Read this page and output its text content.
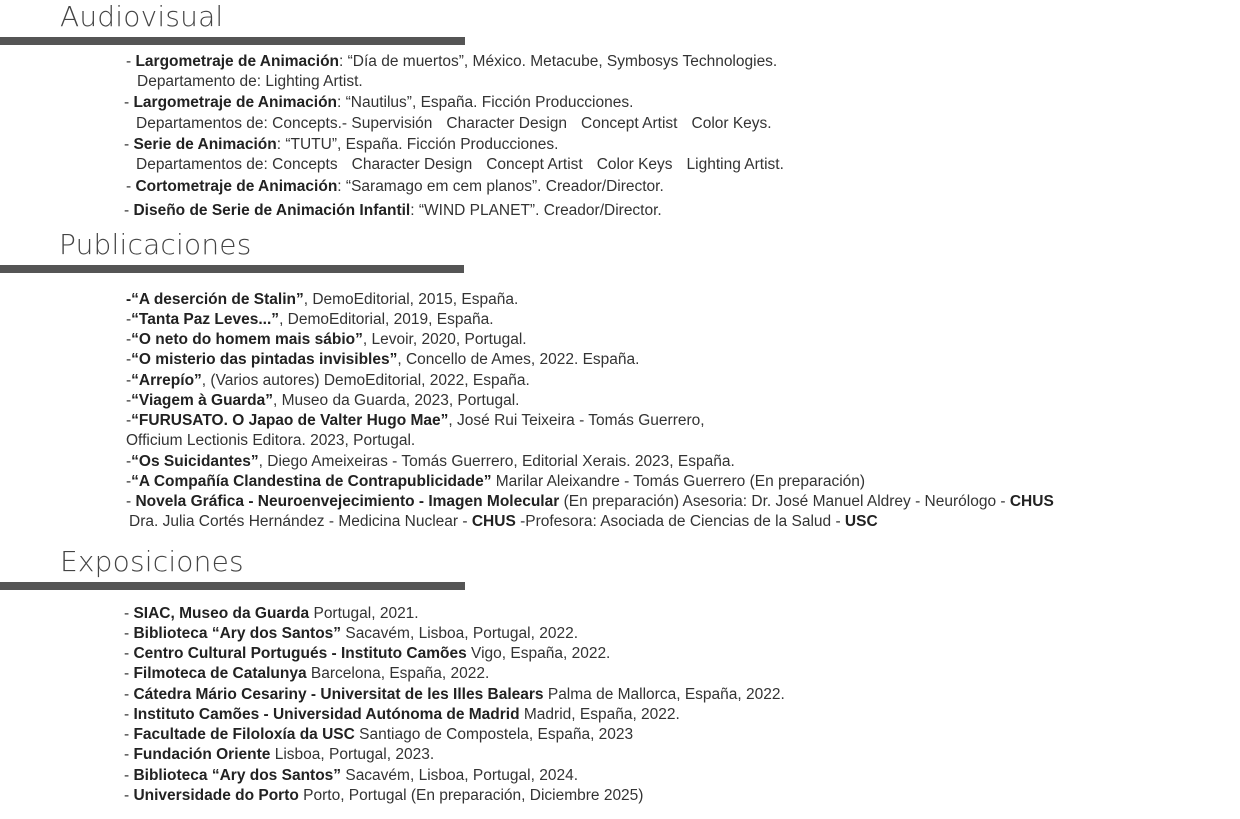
Audiovisual
- Largometraje de Animación: “Día de muertos”, México. Metacube, Symbosys Technologies.
Departamento de: Lighting Artist.
- Largometraje de Animación: “Nautilus”, España. Ficción Producciones.
Departamentos de: Concepts.- Supervisión Character Design Concept Artist Color Keys.
- Serie de Animación: “TUTU”, España. Ficción Producciones.
Departamentos de: Concepts Character Design Concept Artist Color Keys Lighting Artist.
- Cortometraje de Animación: “Saramago em cem planos”. Creador/Director.
- Diseño de Serie de Animación Infantil: “WIND PLANET”. Creador/Director.
Publicaciones
-“A deserción de Stalin”, DemoEditorial, 2015, España.
-“Tanta Paz Leves...”, DemoEditorial, 2019, España.
-“O neto do homem mais sábio”, Levoir, 2020, Portugal.
-“O misterio das pintadas invisibles”, Concello de Ames, 2022. España.
-“Arrepío”, (Varios autores) DemoEditorial, 2022, España.
-“Viagem à Guarda”, Museo da Guarda, 2023, Portugal.
-“FURUSATO. O Japao de Valter Hugo Mae”, José Rui Teixeira - Tomás Guerrero,
Officium Lectionis Editora. 2023, Portugal.
-“Os Suicidantes”, Diego Ameixeiras - Tomás Guerrero, Editorial Xerais. 2023, España.
-“A Compañía Clandestina de Contrapublicidade” Marilar Aleixandre - Tomás Guerrero (En preparación)
- Novela Gráfica - Neuroenvejecimiento - Imagen Molecular (En preparación) Asesoria: Dr. José Manuel Aldrey - Neurólogo - CHUS
Dra. Julia Cortés Hernández - Medicina Nuclear - CHUS -Profesora: Asociada de Ciencias de la Salud - USC
Exposiciones
- SIAC, Museo da Guarda Portugal, 2021.
- Biblioteca “Ary dos Santos” Sacavém, Lisboa, Portugal, 2022.
- Centro Cultural Portugués - Instituto Camões Vigo, España, 2022.
- Filmoteca de Catalunya Barcelona, España, 2022.
- Cátedra Mário Cesariny - Universitat de les Illes Balears Palma de Mallorca, España, 2022.
- Instituto Camões - Universidad Autónoma de Madrid Madrid, España, 2022.
- Facultade de Filoloxía da USC Santiago de Compostela, España, 2023
- Fundación Oriente Lisboa, Portugal, 2023.
- Biblioteca “Ary dos Santos” Sacavém, Lisboa, Portugal, 2024.
- Universidade do Porto Porto, Portugal (En preparación, Diciembre 2025)
